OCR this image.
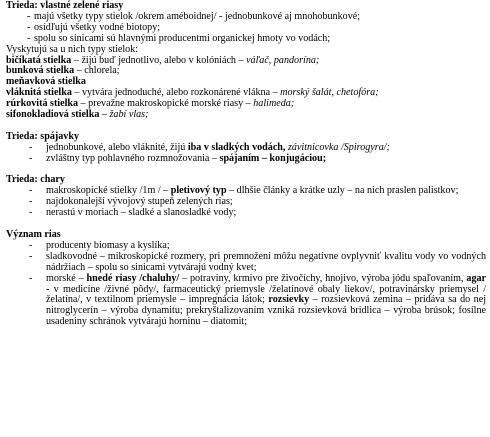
Trieda: vlastné zelené riasy
- majú všetky typy stielok /okrem améboidnej/ - jednobunkové aj mnohobunkové;
- osídľujú všetky vodné biotopy;
- spolu so sinicami sú hlavnými producentmi organickej hmoty vo vodách;
Vyskytujú sa u nich typy stielok:
bičíkatá stielka – žijú buď jednotlivo, alebo v kolóniách – váľač, pandorína;
bunková stielka – chlorela;
meňavková stielka
vláknitá stielka – vytvára jednoduché, alebo rozkonárené vlákna – morský šalát, chetofóra;
rúrkovitá stielka – prevažne makroskopické morské riasy – halimeda;
sifonokladiová stielka – žabí vlas;
Trieda: spájavky
- jednobunkové, alebo vláknité, žijú iba v sladkých vodách, závitnicovka /Spirogyra/;
- zvláštny typ pohlavného rozmnožovania – spájaním – konjugáciou;
Trieda: chary
- makroskopické stielky /1m / – pletivový typ – dlhšie články a krátke uzly – na nich praslen palistkov;
- najdokonalejší vývojový stupeň zelených rias;
- nerastú v moriach – sladké a slanosladké vody;
Význam rias
- producenty biomasy a kyslíka;
- sladkovodné – mikroskopické rozmery, pri premnožení môžu negatívne ovplyvniť kvalitu vody vo vodných nádržiach – spolu so sinicami vytvárajú vodný kvet;
- morské – hnedé riasy /chaluhy/ – potraviny, krmivo pre živočíchy, hnojivo, výroba jódu spaľovaním, agar - v medicíne /živné pôdy/, farmaceutický priemysle /želatínové obaly liekov/, potravinársky priemysel /želatína/, v textilnom priemysle – impregnácia látok; rozsievky – rozsievková zemina – pridáva sa do nej nitroglycerín – výroba dynamitu; prekryštalizovaním vzniká rozsievková bridlica – výroba brúsok; fosílne usadeniny schránok vytvárajú horninu – diatomit;
